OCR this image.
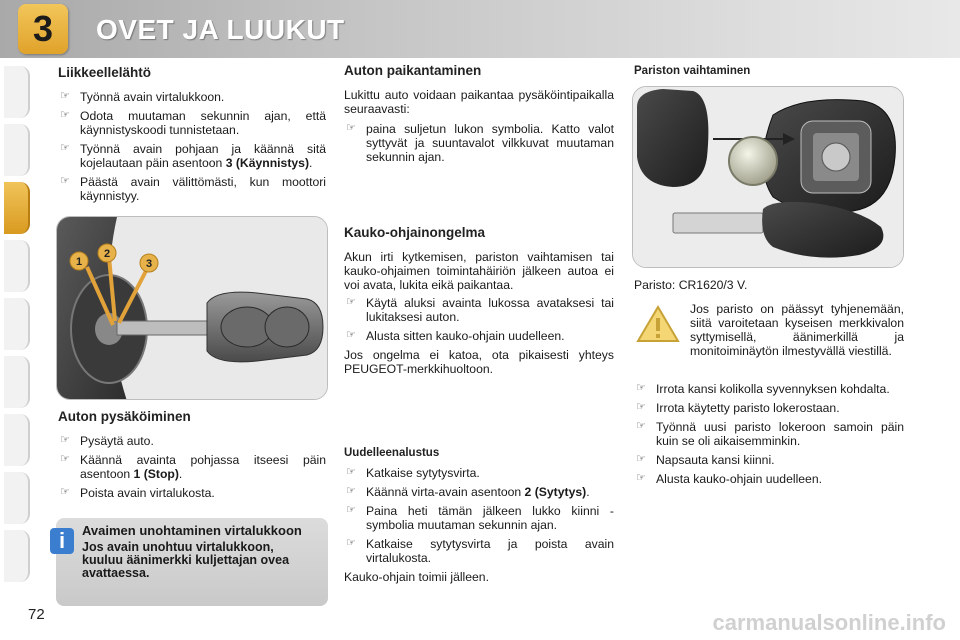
3	OVET JA LUUKUT
Liikkeellelähtö
☞ Työnnä avain virtalukkoon.
☞ Odota muutaman sekunnin ajan, että käynnistyskoodi tunnistetaan.
☞ Työnnä avain pohjaan ja käännä sitä kojelautaan päin asentoon 3 (Käynnistys).
☞ Päästä avain välittömästi, kun moottori käynnistyy.
1
2
3
Auton pysäköiminen
☞ Pysäytä auto.
☞ Käännä avainta pohjassa itseesi päin asentoon 1 (Stop).
☞ Poista avain virtalukosta.
Avaimen unohtaminen virtalukkoon
Jos avain unohtuu virtalukkoon, kuuluu äänimerkki kuljettajan ovea avattaessa.
i
Auton paikantaminen

Lukittu auto voidaan paikantaa pysäköintipaikalla seuraavasti:

☞ paina suljetun lukon symbolia. Katto valot syttyvät ja suuntavalot vilkkuvat muutaman sekunnin ajan.
Kauko-ohjainongelma

Akun irti kytkemisen, pariston vaihtamisen tai kauko-ohjaimen toimintahäiriön jälkeen autoa ei voi avata, lukita eikä paikantaa.

☞ Käytä aluksi avainta lukossa avataksesi tai lukitaksesi auton.
☞ Alusta sitten kauko-ohjain uudelleen.

Jos ongelma ei katoa, ota pikaisesti yhteys PEUGEOT-merkkihuoltoon.

Uudelleenalustus
☞ Katkaise sytytysvirta.
☞ Käännä virta-avain asentoon 2 (Sytytys).
☞ Paina heti tämän jälkeen lukko kiinni -symbolia muutaman sekunnin ajan.
☞ Katkaise sytytysvirta ja poista avain virtalukosta.

Kauko-ohjain toimii jälleen.

Pariston vaihtaminen

Paristo: CR1620/3 V.

Jos paristo on päässyt tyhjenemään, siitä varoitetaan kyseisen merkkivalon syttymisellä, äänimerkillä ja monitoiminäytön ilmestyvällä viestillä.

☞ Irrota kansi kolikolla syvennyksen kohdalta.
☞ Irrota käytetty paristo lokerostaan.
☞ Työnnä uusi paristo lokeroon samoin päin kuin se oli aikaisemminkin.
☞ Napsauta kansi kiinni.
☞ Alusta kauko-ohjain uudelleen.
72	carmanualsonline.info
